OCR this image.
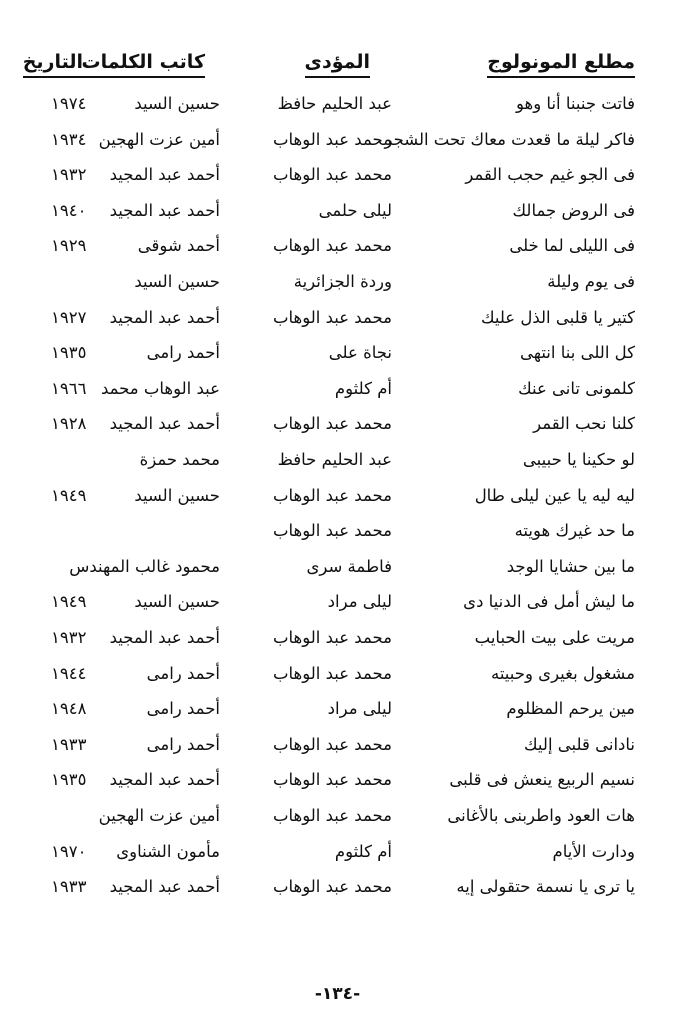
مطلع المونولوج
المؤدى
كاتب الكلمات
التاريخ
فاتت جنبنا أنا وهو
عبد الحليم حافظ
حسين السيد
١٩٧٤
فاكر ليلة ما قعدت معاك تحت الشجر
محمد عبد الوهاب
أمين عزت الهجين
١٩٣٤
فى الجو غيم حجب القمر
محمد عبد الوهاب
أحمد عبد المجيد
١٩٣٢
فى الروض جمالك
ليلى حلمى
أحمد عبد المجيد
١٩٤٠
فى الليلى لما خلى
محمد عبد الوهاب
أحمد شوقى
١٩٢٩
فى يوم وليلة
وردة الجزائرية
حسين السيد
كتير يا قلبى الذل عليك
محمد عبد الوهاب
أحمد عبد المجيد
١٩٢٧
كل اللى بنا انتهى
نجاة على
أحمد رامى
١٩٣٥
كلمونى تانى عنك
أم كلثوم
عبد الوهاب محمد
١٩٦٦
كلنا نحب القمر
محمد عبد الوهاب
أحمد عبد المجيد
١٩٢٨
لو حكينا يا حبيبى
عبد الحليم حافظ
محمد حمزة
ليه ليه يا عين ليلى طال
محمد عبد الوهاب
حسين السيد
١٩٤٩
ما حد غيرك هويته
محمد عبد الوهاب
ما بين حشايا الوجد
فاطمة سرى
محمود غالب المهندس
ما ليش أمل فى الدنيا دى
ليلى مراد
حسين السيد
١٩٤٩
مريت على بيت الحبايب
محمد عبد الوهاب
أحمد عبد المجيد
١٩٣٢
مشغول بغيرى وحبيته
محمد عبد الوهاب
أحمد رامى
١٩٤٤
مين يرحم المظلوم
ليلى مراد
أحمد رامى
١٩٤٨
نادانى قلبى إليك
محمد عبد الوهاب
أحمد رامى
١٩٣٣
نسيم الربيع ينعش فى قلبى
محمد عبد الوهاب
أحمد عبد المجيد
١٩٣٥
هات العود واطربنى بالأغانى
محمد عبد الوهاب
أمين عزت الهجين
ودارت الأيام
أم كلثوم
مأمون الشناوى
١٩٧٠
يا ترى يا نسمة حتقولى إيه
محمد عبد الوهاب
أحمد عبد المجيد
١٩٣٣
-١٣٤-
